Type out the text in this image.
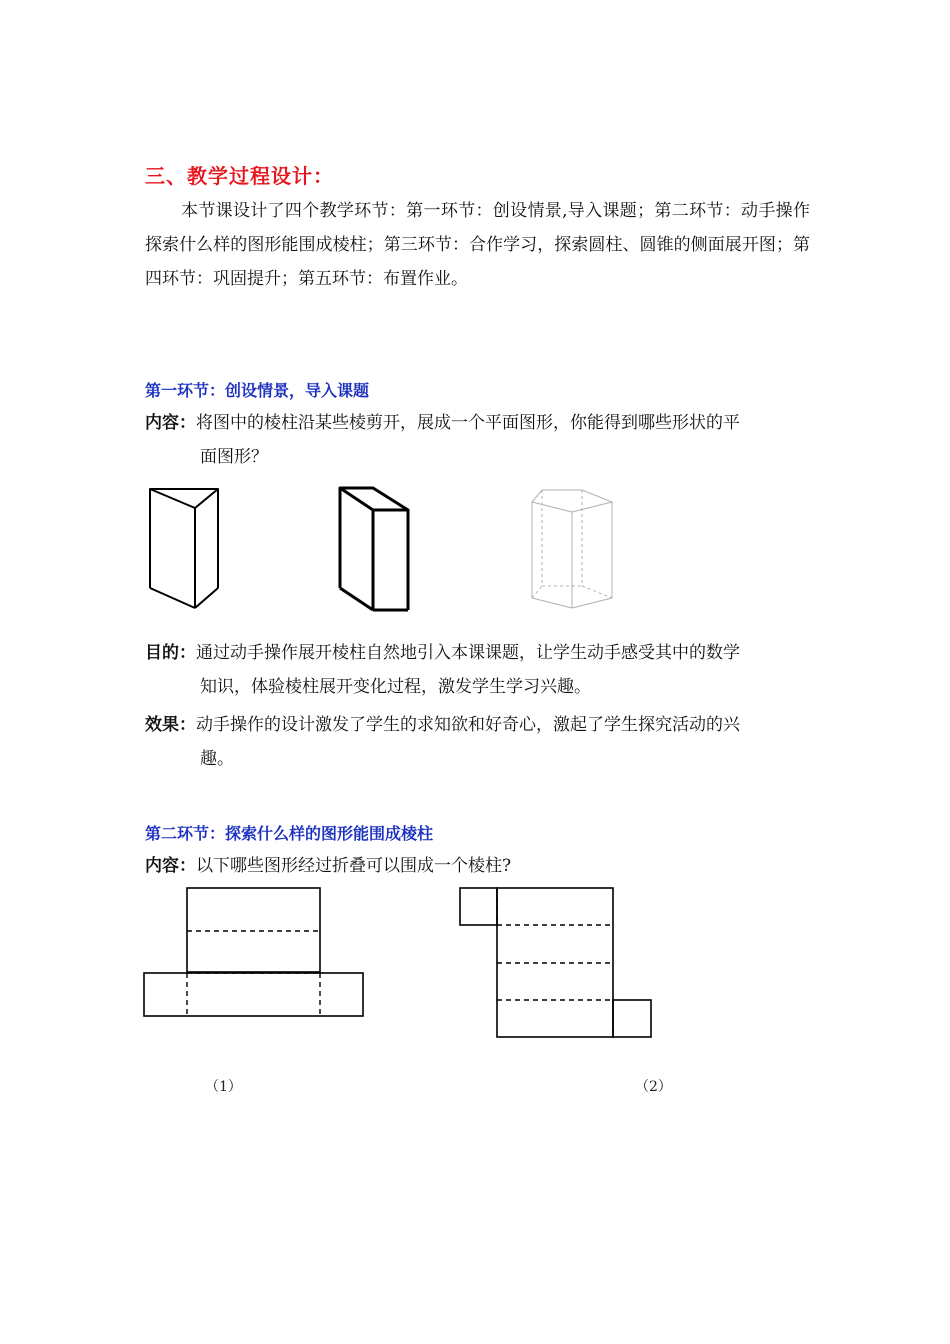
三、教学过程设计：
本节课设计了四个教学环节：第一环节：创设情景,导入课题；第二环节：动手操作探索什么样的图形能围成棱柱；第三环节：合作学习，探索圆柱、圆锥的侧面展开图；第四环节：巩固提升；第五环节：布置作业。
第一环节：创设情景，导入课题
内容：将图中的棱柱沿某些棱剪开，展成一个平面图形，你能得到哪些形状的平
面图形？
目的：通过动手操作展开棱柱自然地引入本课课题，让学生动手感受其中的数学
知识，体验棱柱展开变化过程，激发学生学习兴趣。
效果：动手操作的设计激发了学生的求知欲和好奇心，激起了学生探究活动的兴
趣。
第二环节：探索什么样的图形能围成棱柱
内容：以下哪些图形经过折叠可以围成一个棱柱?
（1）	（2）
